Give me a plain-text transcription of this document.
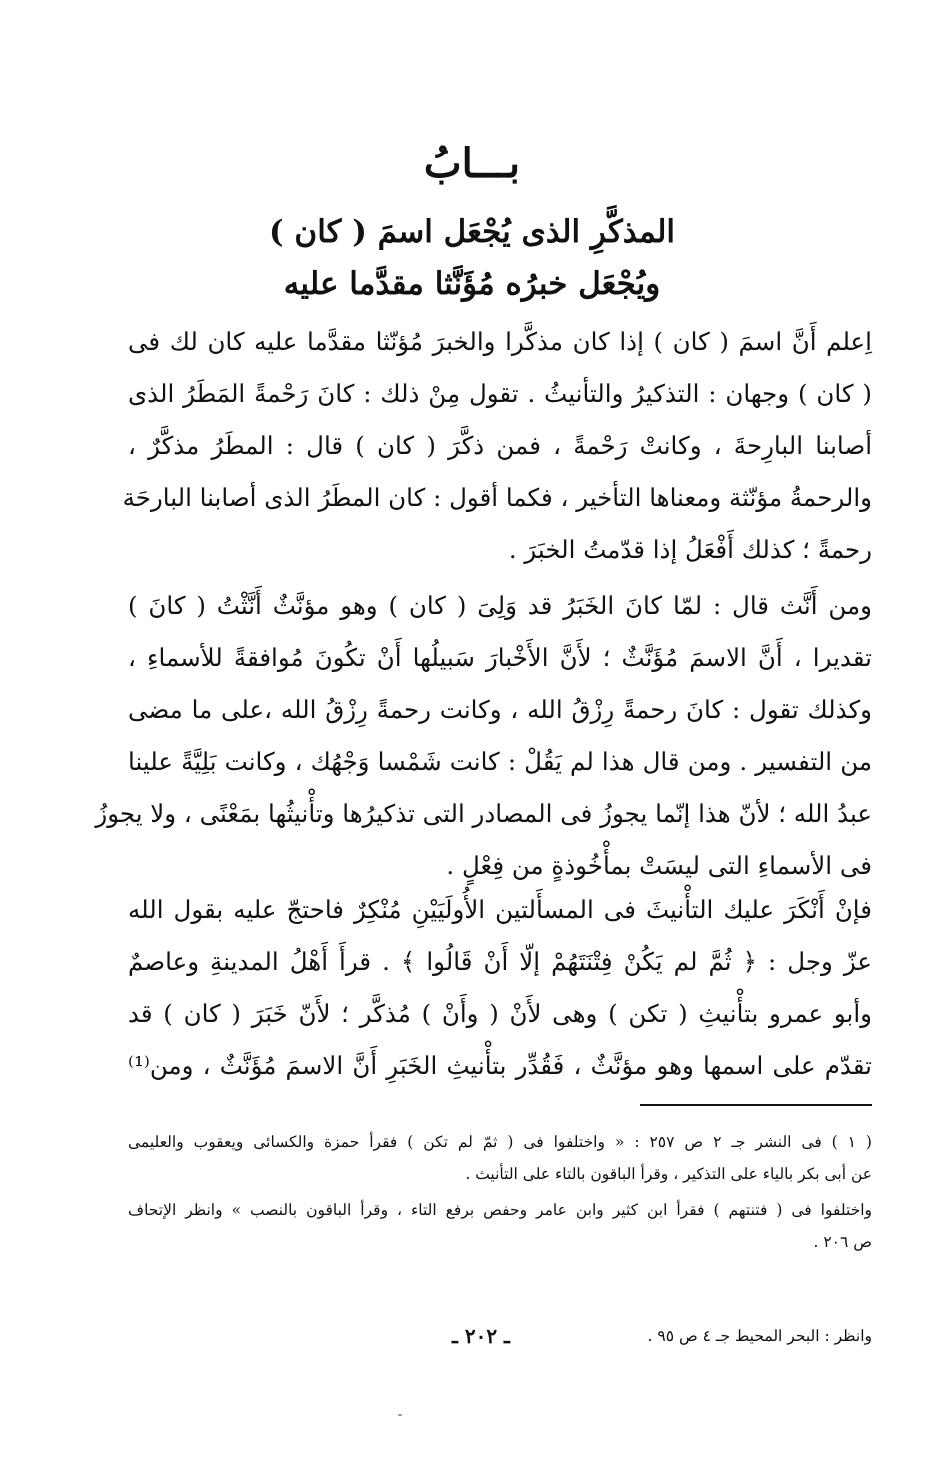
بـــابُ
المذكَّرِ الذى يُجْعَل اسمَ ( كان )
ويُجْعَل خبرُه مُؤَنَّثا مقدَّما عليه
اِعلم أَنَّ اسمَ ( كان ) إذا كان مذكَّرا والخبرَ مُؤنّثا مقدَّما عليه كان لك فى
( كان ) وجهان : التذكيرُ والتأنيثُ . تقول مِنْ ذلك : كانَ رَحْمةً المَطَرُ الذى
أصابنا البارِحةَ ، وكانتْ رَحْمةً ، فمن ذكَّرَ ( كان ) قال : المطَرُ مذكَّرٌ ،
والرحمةُ مؤنّثة ومعناها التأخير ، فكما أقول : كان المطَرُ الذى أصابنا البارحَة
رحمةً ؛ كذلك أَفْعَلُ إذا قدّمتُ الخبَرَ .
ومن أَنَّث قال : لمّا كانَ الخَبَرُ قد وَلِىَ ( كان ) وهو مؤنَّثٌ أَنَّثْتُ ( كانَ )
تقديرا ، أَنَّ الاسمَ مُؤَنَّثٌ ؛ لأَنَّ الأَخْبارَ سَبيلُها أَنْ تكُونَ مُوافقةً للأسماءِ ،
وكذلك تقول : كانَ رحمةً رِزْقُ الله ، وكانت رحمةً رِزْقُ الله ،على ما مضى
من التفسير . ومن قال هذا لم يَقُلْ : كانت شَمْسا وَجْهُك ، وكانت بَلِيَّةً علينا
عبدُ الله ؛ لأنّ هذا إنّما يجوزُ فى المصادر التى تذكيرُها وتأْنيثُها بمَعْنًى ، ولا يجوزُ
فى الأسماءِ التى ليسَتْ بمأْخُوذةٍ من فِعْلٍ .
فإنْ أَنْكَرَ عليك التأْنيثَ فى المسأَلتين الأُولَيَيْنِ مُنْكِرٌ فاحتجّ عليه بقول الله
عزّ وجل : ﴿ ثُمَّ لم يَكُنْ فِتْنَتَهُمْ إلّا أَنْ قَالُوا ﴾ . قرأَ أَهْلُ المدينةِ وعاصمٌ
وأبو عمرو بتأْنيثِ ( تكن ) وهى لأَنْ ( وأَنْ ) مُذكَّر ؛ لأَنّ خَبَرَ ( كان ) قد
تقدّم على اسمها وهو مؤنَّثٌ ، فَقُدِّر بتأْنيثِ الخَبَرِ أَنَّ الاسمَ مُؤَنَّثٌ ، ومن⁽¹⁾
( ١ ) فى النشر جـ ٢ ص ٢٥٧ : « واختلفوا فى ( ثمّ لم تكن ) فقرأ حمزة والكسائى ويعقوب والعليمى
عن أبى بكر بالياء على التذكير ، وقرأ الباقون بالتاء على التأنيث .
واختلفوا فى ( فتنتهم ) فقرأ ابن كثير وابن عامر وحفص برفع التاء ، وقرأ الباقون بالنصب » وانظر الإتحاف
ص ٢٠٦ .
وانظر : البحر المحيط جـ ٤ ص ٩٥ .
ـ ٢٠٢ ـ
